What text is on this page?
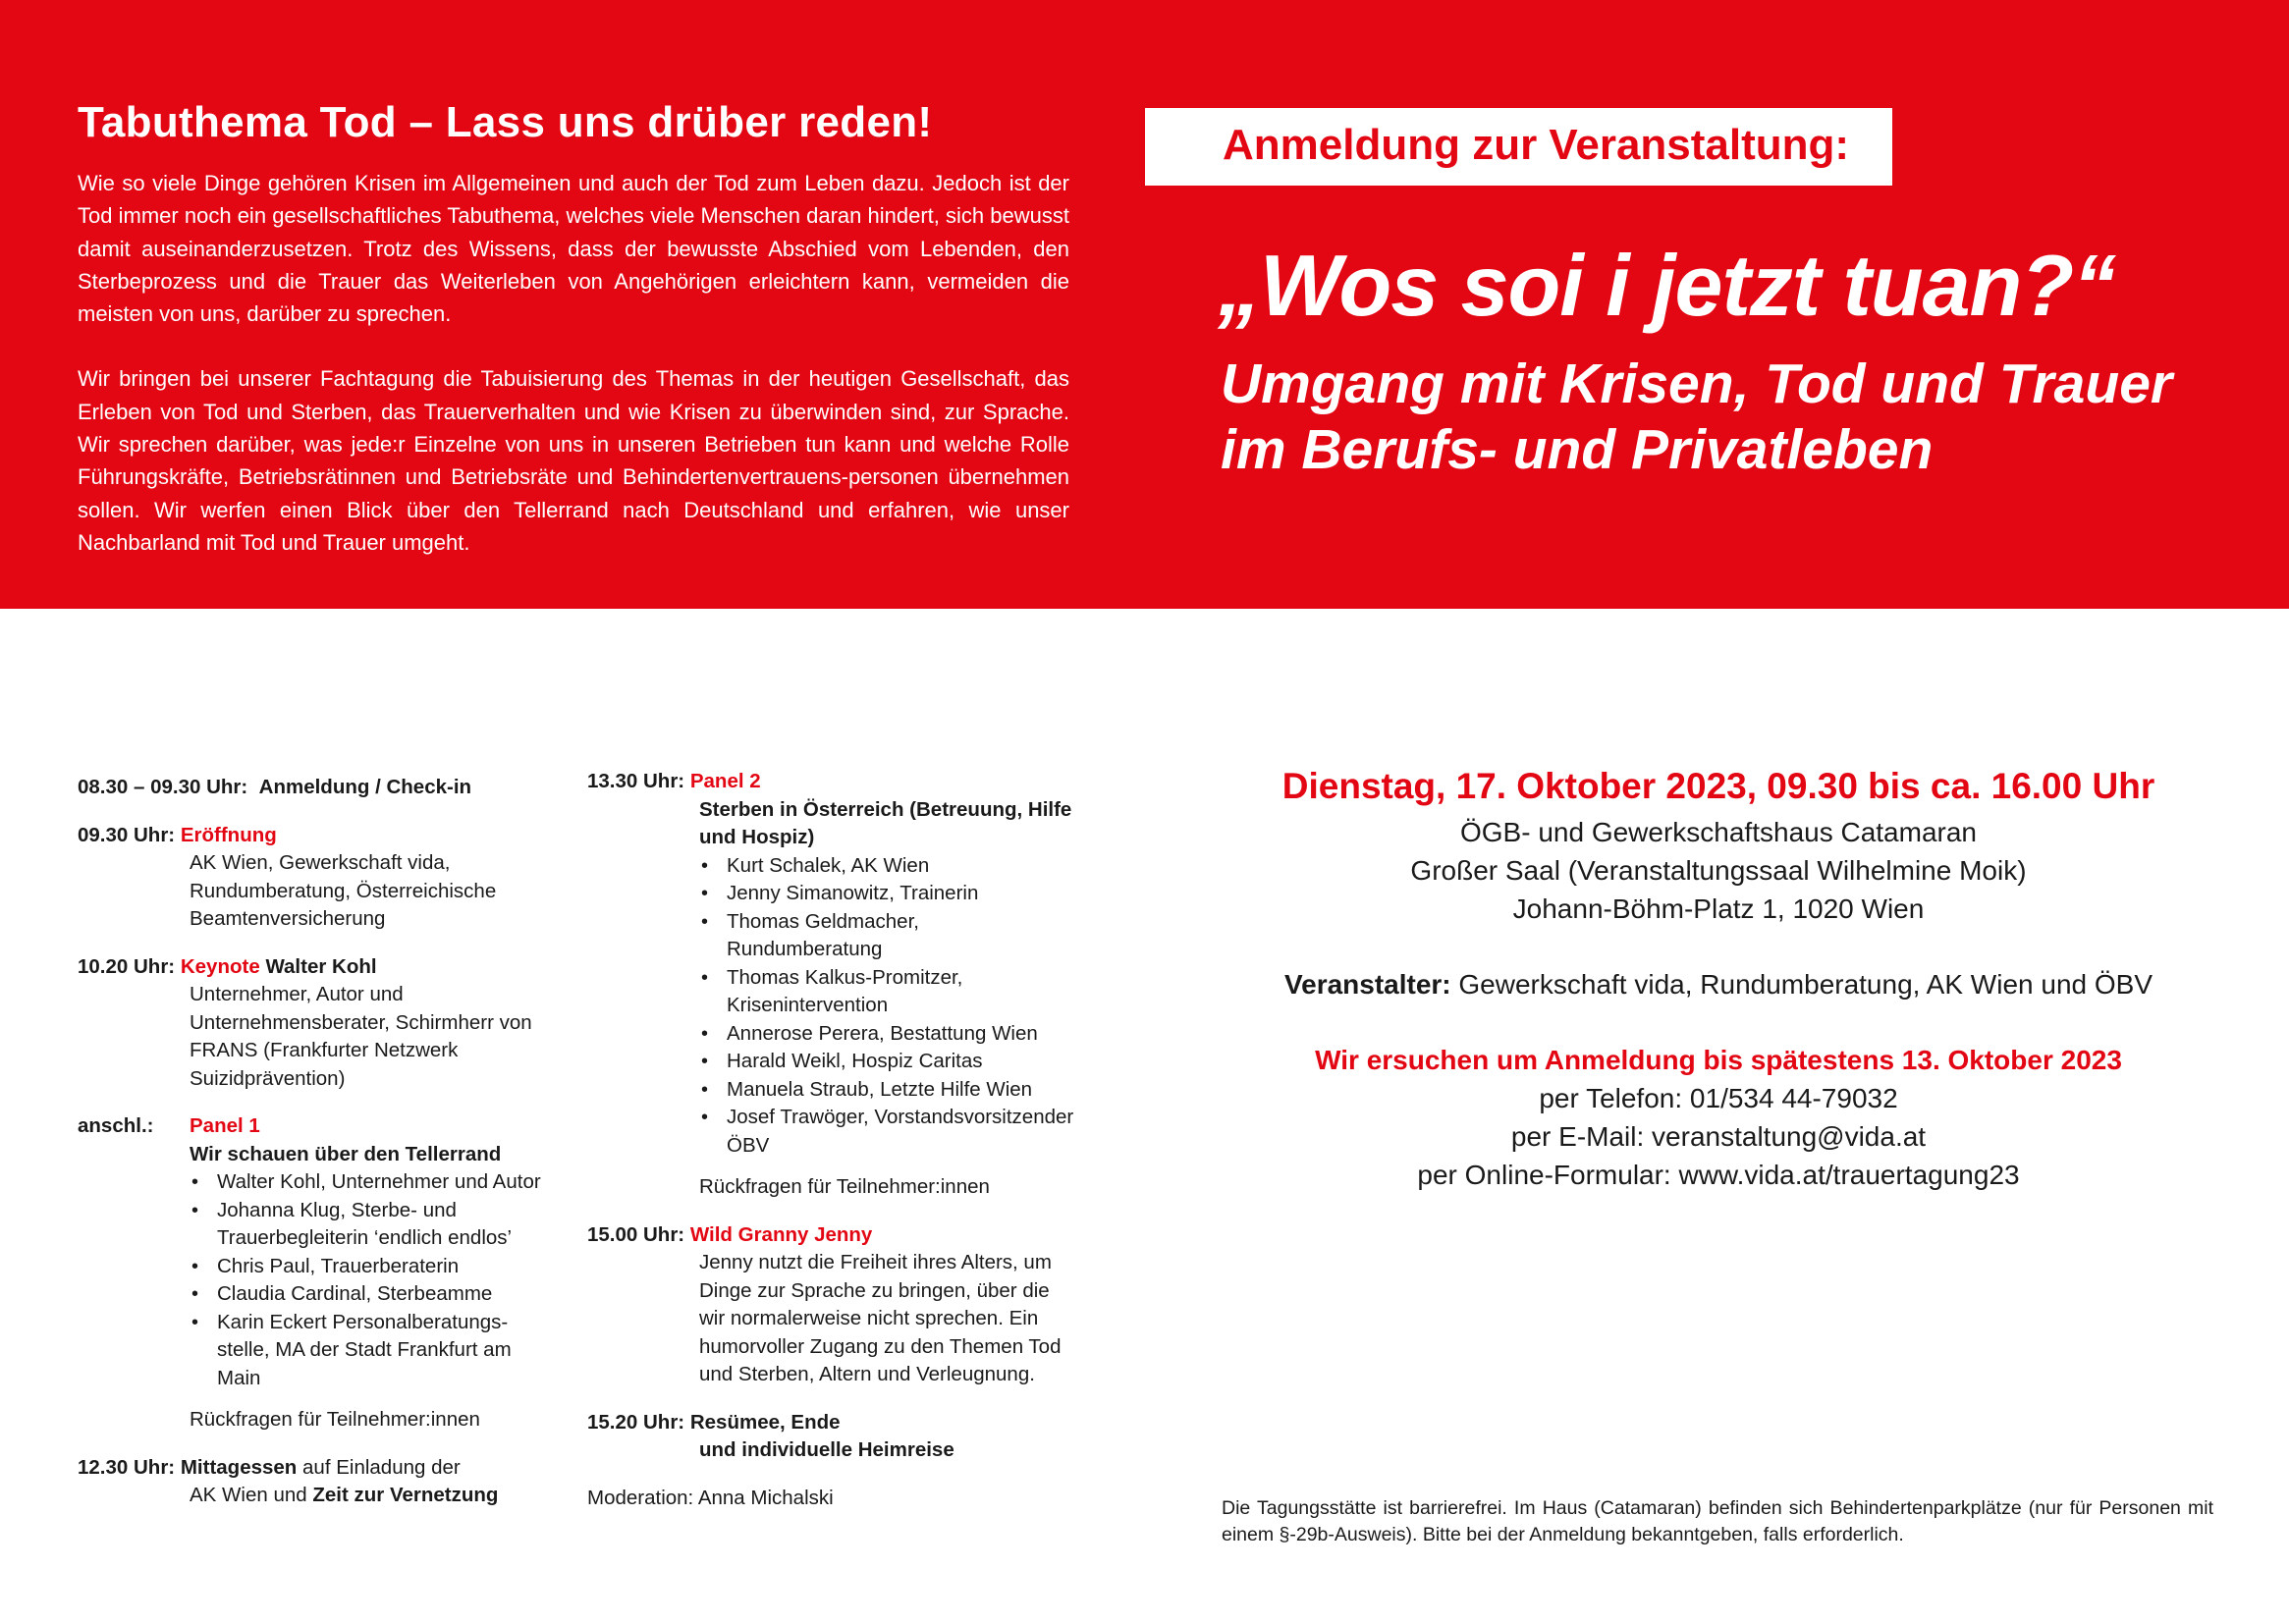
Tabuthema Tod – Lass uns drüber reden!

Wie so viele Dinge gehören Krisen im Allgemeinen und auch der Tod zum Leben dazu. Jedoch ist der Tod immer noch ein gesellschaftliches Tabuthema, welches viele Menschen daran hindert, sich bewusst damit auseinanderzusetzen. Trotz des Wissens, dass der bewusste Abschied vom Lebenden, den Sterbeprozess und die Trauer das Weiterleben von Angehörigen erleichtern kann, vermeiden die meisten von uns, darüber zu sprechen.

Wir bringen bei unserer Fachtagung die Tabuisierung des Themas in der heutigen Gesellschaft, das Erleben von Tod und Sterben, das Trauerverhalten und wie Krisen zu überwinden sind, zur Sprache. Wir sprechen darüber, was jede:r Einzelne von uns in unseren Betrieben tun kann und welche Rolle Führungskräfte, Betriebsrätinnen und Betriebsräte und Behindertenvertrauens-personen übernehmen sollen. Wir werfen einen Blick über den Tellerrand nach Deutschland und erfahren, wie unser Nachbarland mit Tod und Trauer umgeht.

Anmeldung zur Veranstaltung:
„Wos soi i jetzt tuan?“
Umgang mit Krisen, Tod und Trauer
im Berufs- und Privatleben
08.30 – 09.30 Uhr: Anmeldung / Check-in
09.30 Uhr: Eröffnung
AK Wien, Gewerkschaft vida, Rundumberatung, Österreichische Beamtenversicherung
10.20 Uhr: Keynote Walter Kohl
Unternehmer, Autor und Unternehmensberater, Schirmherr von FRANS (Frankfurter Netzwerk Suizidprävention)
anschl.: Panel 1
Wir schauen über den Tellerrand
• Walter Kohl, Unternehmer und Autor
• Johanna Klug, Sterbe- und Trauerbegleiterin ‘endlich endlos’
• Chris Paul, Trauerberaterin
• Claudia Cardinal, Sterbeamme
• Karin Eckert Personalberatungs-stelle, MA der Stadt Frankfurt am Main
Rückfragen für Teilnehmer:innen
12.30 Uhr: Mittagessen auf Einladung der
AK Wien und Zeit zur Vernetzung
13.30 Uhr: Panel 2
Sterben in Österreich (Betreuung, Hilfe und Hospiz)
• Kurt Schalek, AK Wien
• Jenny Simanowitz, Trainerin
• Thomas Geldmacher, Rundumberatung
• Thomas Kalkus-Promitzer, Krisenintervention
• Annerose Perera, Bestattung Wien
• Harald Weikl, Hospiz Caritas
• Manuela Straub, Letzte Hilfe Wien
• Josef Trawöger, Vorstandsvorsitzender ÖBV
Rückfragen für Teilnehmer:innen
15.00 Uhr: Wild Granny Jenny
Jenny nutzt die Freiheit ihres Alters, um Dinge zur Sprache zu bringen, über die wir normalerweise nicht sprechen. Ein humorvoller Zugang zu den Themen Tod und Sterben, Altern und Verleugnung.
15.20 Uhr: Resümee, Ende
und individuelle Heimreise
Moderation: Anna Michalski
Dienstag, 17. Oktober 2023, 09.30 bis ca. 16.00 Uhr
ÖGB- und Gewerkschaftshaus Catamaran
Großer Saal (Veranstaltungssaal Wilhelmine Moik)
Johann-Böhm-Platz 1, 1020 Wien
Veranstalter: Gewerkschaft vida, Rundumberatung, AK Wien und ÖBV
Wir ersuchen um Anmeldung bis spätestens 13. Oktober 2023
per Telefon: 01/534 44-79032
per E-Mail: veranstaltung@vida.at
per Online-Formular: www.vida.at/trauertagung23
Die Tagungsstätte ist barrierefrei. Im Haus (Catamaran) befinden sich Behindertenparkplätze (nur für Personen mit einem §-29b-Ausweis). Bitte bei der Anmeldung bekanntgeben, falls erforderlich.
